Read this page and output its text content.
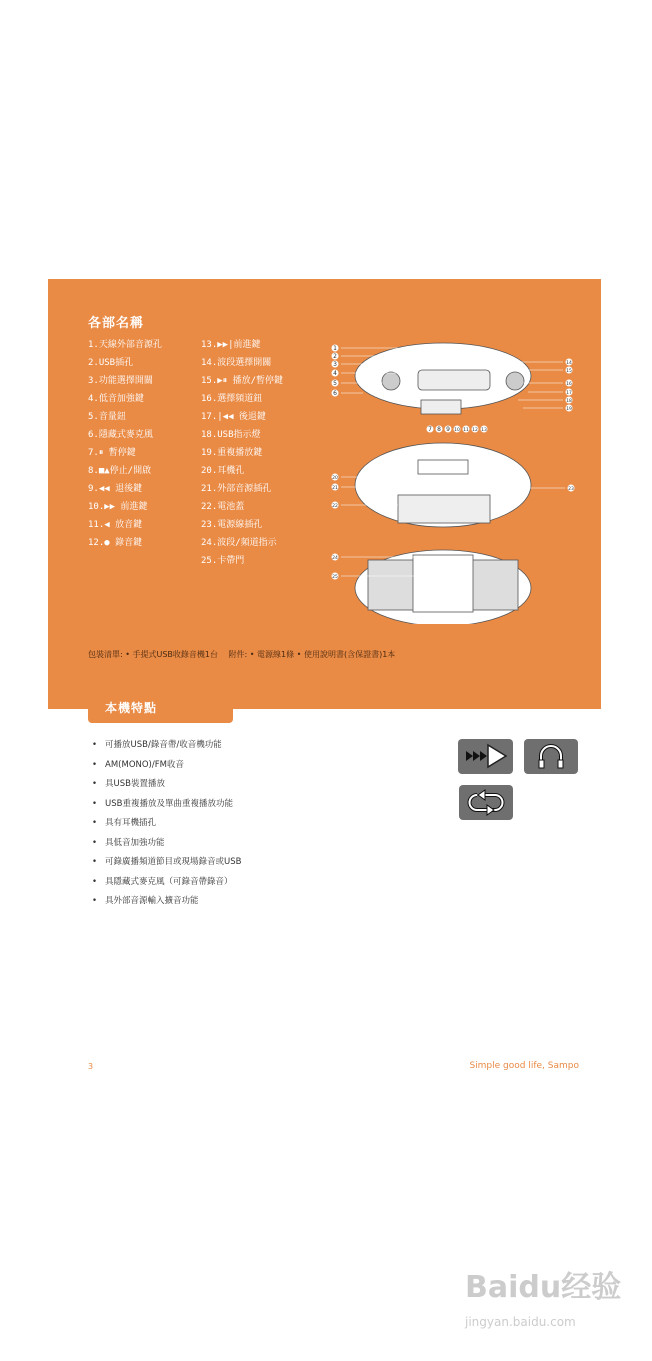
各部名稱
1.天線外部音源孔
2.USB插孔
3.功能選擇開關
4.低音加強鍵
5.音量鈕
6.隱藏式麥克風
7.⏸ 暫停鍵
8.■▲停止/開啟
9.◀◀ 退後鍵
10.▶▶ 前進鍵
11.◀ 放音鍵
12.● 錄音鍵
13.▶▶|前進鍵
14.波段選擇開關
15.▶⏸ 播放/暫停鍵
16.選擇頻道鈕
17.|◀◀ 後退鍵
18.USB指示燈
19.重複播放鍵
20.耳機孔
21.外部音源插孔
22.電池蓋
23.電源線插孔
24.波段/頻道指示
25.卡帶門
1
2
3
4
5
6
7 8 9 10 11 12 13
14
15
16
17
18
19
20
21
22
23
24
25
包裝清單: • 手提式USB收錄音機1台　 附件: • 電源線1條 • 使用說明書(含保證書)1本
本機特點
• 可播放USB/錄音帶/收音機功能
• AM(MONO)/FM收音
• 具USB裝置播放
• USB重複播放及單曲重複播放功能
• 具有耳機插孔
• 具低音加強功能
• 可錄廣播頻道節目或現場錄音或USB
• 具隱藏式麥克風（可錄音帶錄音）
• 具外部音源輸入擴音功能
3	Simple good life, Sampo
Baidu经验
jingyan.baidu.com
